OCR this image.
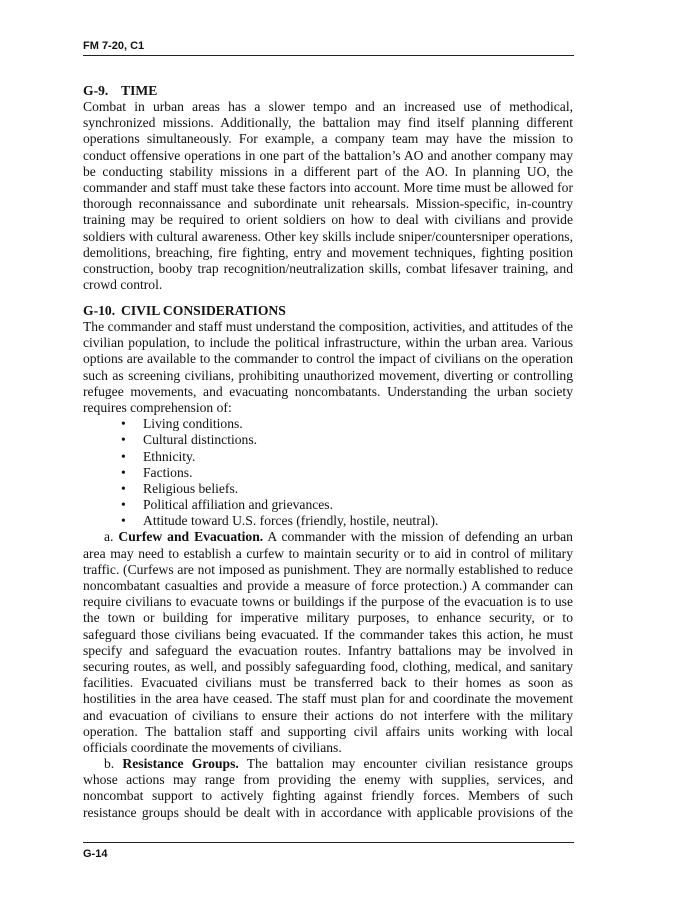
FM 7-20, C1
G-9. TIME
Combat in urban areas has a slower tempo and an increased use of methodical,
synchronized missions. Additionally, the battalion may find itself planning different
operations simultaneously. For example, a company team may have the mission to
conduct offensive operations in one part of the battalion’s AO and another company may
be conducting stability missions in a different part of the AO. In planning UO, the
commander and staff must take these factors into account. More time must be allowed for
thorough reconnaissance and subordinate unit rehearsals. Mission-specific, in-country
training may be required to orient soldiers on how to deal with civilians and provide
soldiers with cultural awareness. Other key skills include sniper/countersniper operations,
demolitions, breaching, fire fighting, entry and movement techniques, fighting position
construction, booby trap recognition/neutralization skills, combat lifesaver training, and
crowd control.
G-10. CIVIL CONSIDERATIONS
The commander and staff must understand the composition, activities, and attitudes of the
civilian population, to include the political infrastructure, within the urban area. Various
options are available to the commander to control the impact of civilians on the operation
such as screening civilians, prohibiting unauthorized movement, diverting or controlling
refugee movements, and evacuating noncombatants. Understanding the urban society
requires comprehension of:
• Living conditions.
• Cultural distinctions.
• Ethnicity.
• Factions.
• Religious beliefs.
• Political affiliation and grievances.
• Attitude toward U.S. forces (friendly, hostile, neutral).
a. Curfew and Evacuation. A commander with the mission of defending an urban
area may need to establish a curfew to maintain security or to aid in control of military
traffic. (Curfews are not imposed as punishment. They are normally established to reduce
noncombatant casualties and provide a measure of force protection.) A commander can
require civilians to evacuate towns or buildings if the purpose of the evacuation is to use
the town or building for imperative military purposes, to enhance security, or to
safeguard those civilians being evacuated. If the commander takes this action, he must
specify and safeguard the evacuation routes. Infantry battalions may be involved in
securing routes, as well, and possibly safeguarding food, clothing, medical, and sanitary
facilities. Evacuated civilians must be transferred back to their homes as soon as
hostilities in the area have ceased. The staff must plan for and coordinate the movement
and evacuation of civilians to ensure their actions do not interfere with the military
operation. The battalion staff and supporting civil affairs units working with local
officials coordinate the movements of civilians.
b. Resistance Groups. The battalion may encounter civilian resistance groups
whose actions may range from providing the enemy with supplies, services, and
noncombat support to actively fighting against friendly forces. Members of such
resistance groups should be dealt with in accordance with applicable provisions of the
G-14
